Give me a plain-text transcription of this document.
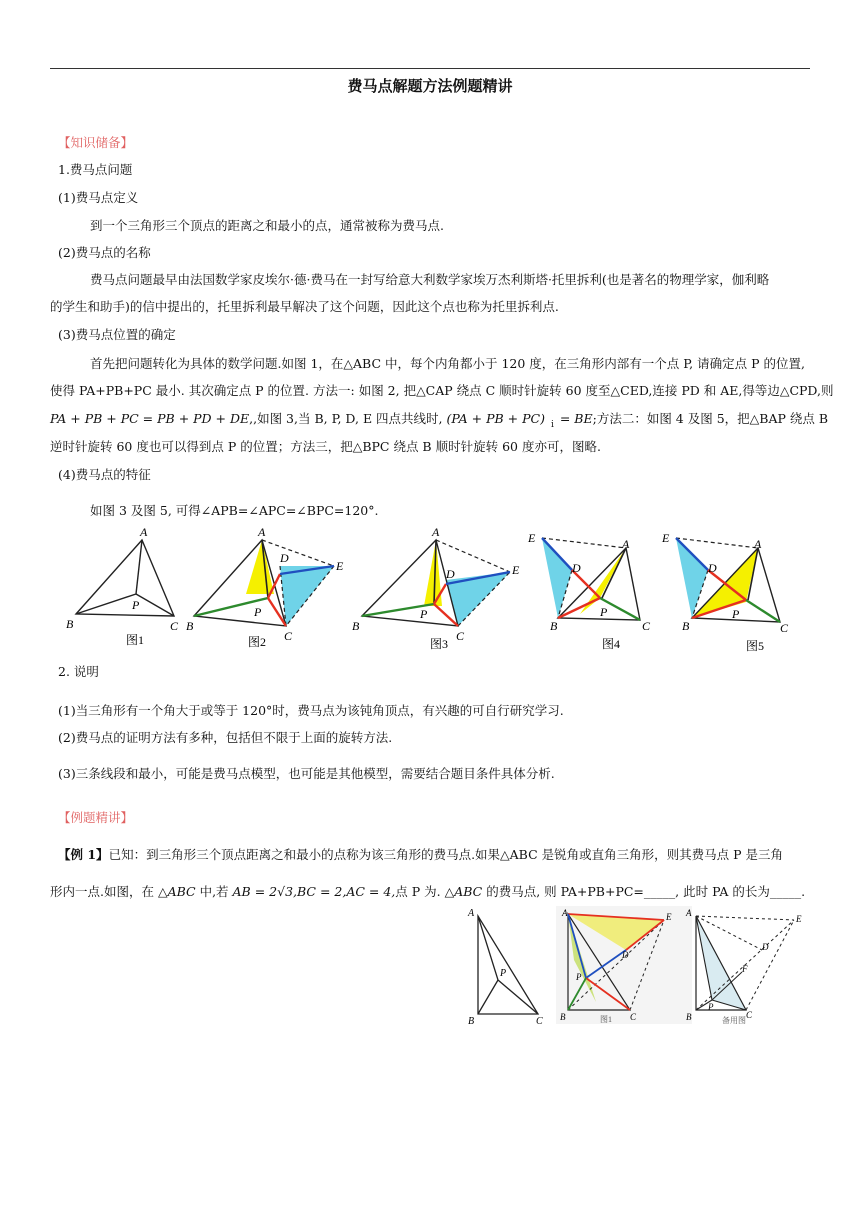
费马点解题方法例题精讲
【知识储备】
1.费马点问题
(1)费马点定义
到一个三角形三个顶点的距离之和最小的点，通常被称为费马点.
(2)费马点的名称
费马点问题最早由法国数学家皮埃尔·德·费马在一封写给意大利数学家埃万杰利斯塔·托里拆利(也是著名的物理学家，伽利略
的学生和助手)的信中提出的，托里拆利最早解决了这个问题，因此这个点也称为托里拆利点.
(3)费马点位置的确定
首先把问题转化为具体的数学问题.如图 1，在△ABC 中，每个内角都小于 120 度，在三角形内部有一个点 P, 请确定点 P 的位置,
使得 PA+PB+PC 最小. 其次确定点 P 的位置. 方法一: 如图 2, 把△CAP 绕点 C 顺时针旋转 60 度至△CED,连接 PD 和 AE,得等边△CPD,则
PA + PB + PC = PB + PD + DE,,如图 3,当 B, P, D, E 四点共线时, (PA + PB + PC) $_i$ = BE;方法二：如图 4 及图 5，把△BAP 绕点 B
逆时针旋转 60 度也可以得到点 P 的位置；方法三，把△BPC 绕点 B 顺时针旋转 60 度亦可，图略.
(4)费马点的特征
如图 3 及图 5, 可得∠APB=∠APC=∠BPC=120°.
A
B	C
P
图1
A
B
C
D
E
P
图2
A
B
C
D	E
P
图3
E	A
D
P
B	C
图4
E	A
D
P
B	C
图5
2. 说明
(1)当三角形有一个角大于或等于 120°时，费马点为该钝角顶点，有兴趣的可自行研究学习.
(2)费马点的证明方法有多种，包括但不限于上面的旋转方法.
(3)三条线段和最小，可能是费马点模型，也可能是其他模型，需要结合题目条件具体分析.
【例题精讲】
【例 1】已知：到三角形三个顶点距离之和最小的点称为该三角形的费马点.如果△ABC 是锐角或直角三角形，则其费马点 P 是三角
形内一点.如图，在 △ABC 中,若 AB = 2√3,BC = 2,AC = 4,点 P 为. △ABC 的费马点, 则 PA+PB+PC=_____, 此时 PA 的长为_____.
A
B	C
P
A	E
D
P
B	C
图1
A
E
D
F
P
B	C
备用图
